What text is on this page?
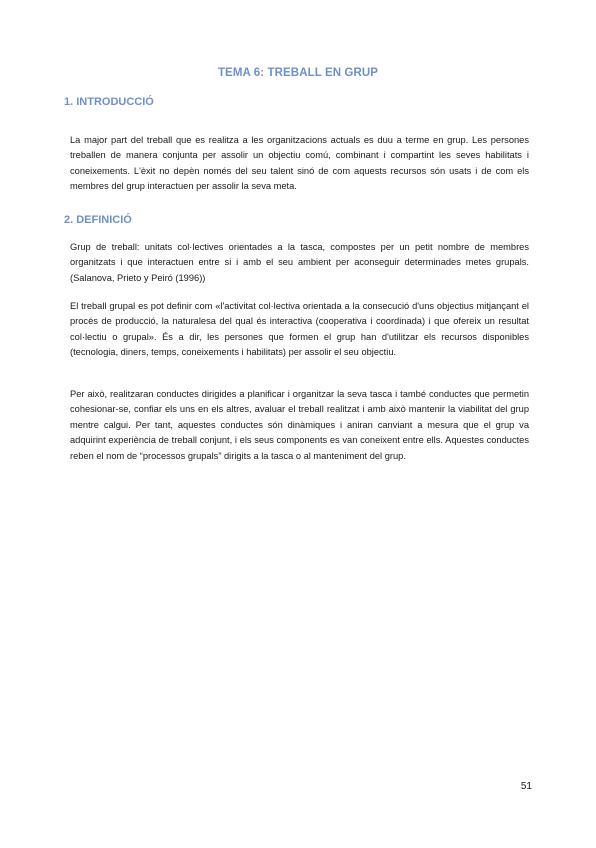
TEMA 6: TREBALL EN GRUP
1. INTRODUCCIÓ

La major part del treball que es realitza a les organitzacions actuals es duu a terme en grup. Les persones treballen de manera conjunta per assolir un objectiu comú, combinant i compartint les seves habilitats i coneixements. L'èxit no depèn només del seu talent sinó de com aquests recursos són usats i de com els membres del grup interactuen per assolir la seva meta.

2. DEFINICIÓ

Grup de treball: unitats col·lectives orientades a la tasca, compostes per un petit nombre de membres organitzats i que interactuen entre si i amb el seu ambient per aconseguir determinades metes grupals. (Salanova, Prieto y Peiró (1996))

El treball grupal es pot definir com «l'activitat col·lectiva orientada a la consecució d'uns objectius mitjançant el procés de producció, la naturalesa del qual és interactiva (cooperativa i coordinada) i que ofereix un resultat col·lectiu o grupal». És a dir, les persones que formen el grup han d'utilitzar els recursos disponibles (tecnologia, diners, temps, coneixements i habilitats) per assolir el seu objectiu.

Per això, realitzaran conductes dirigides a planificar i organitzar la seva tasca i també conductes que permetin cohesionar-se, confiar els uns en els altres, avaluar el treball realitzat i amb això mantenir la viabilitat del grup mentre calgui. Per tant, aquestes conductes són dinàmiques i aniran canviant a mesura que el grup va adquirint experiència de treball conjunt, i els seus components es van coneixent entre ells. Aquestes conductes reben el nom de “processos grupals” dirigits a la tasca o al manteniment del grup.

51
